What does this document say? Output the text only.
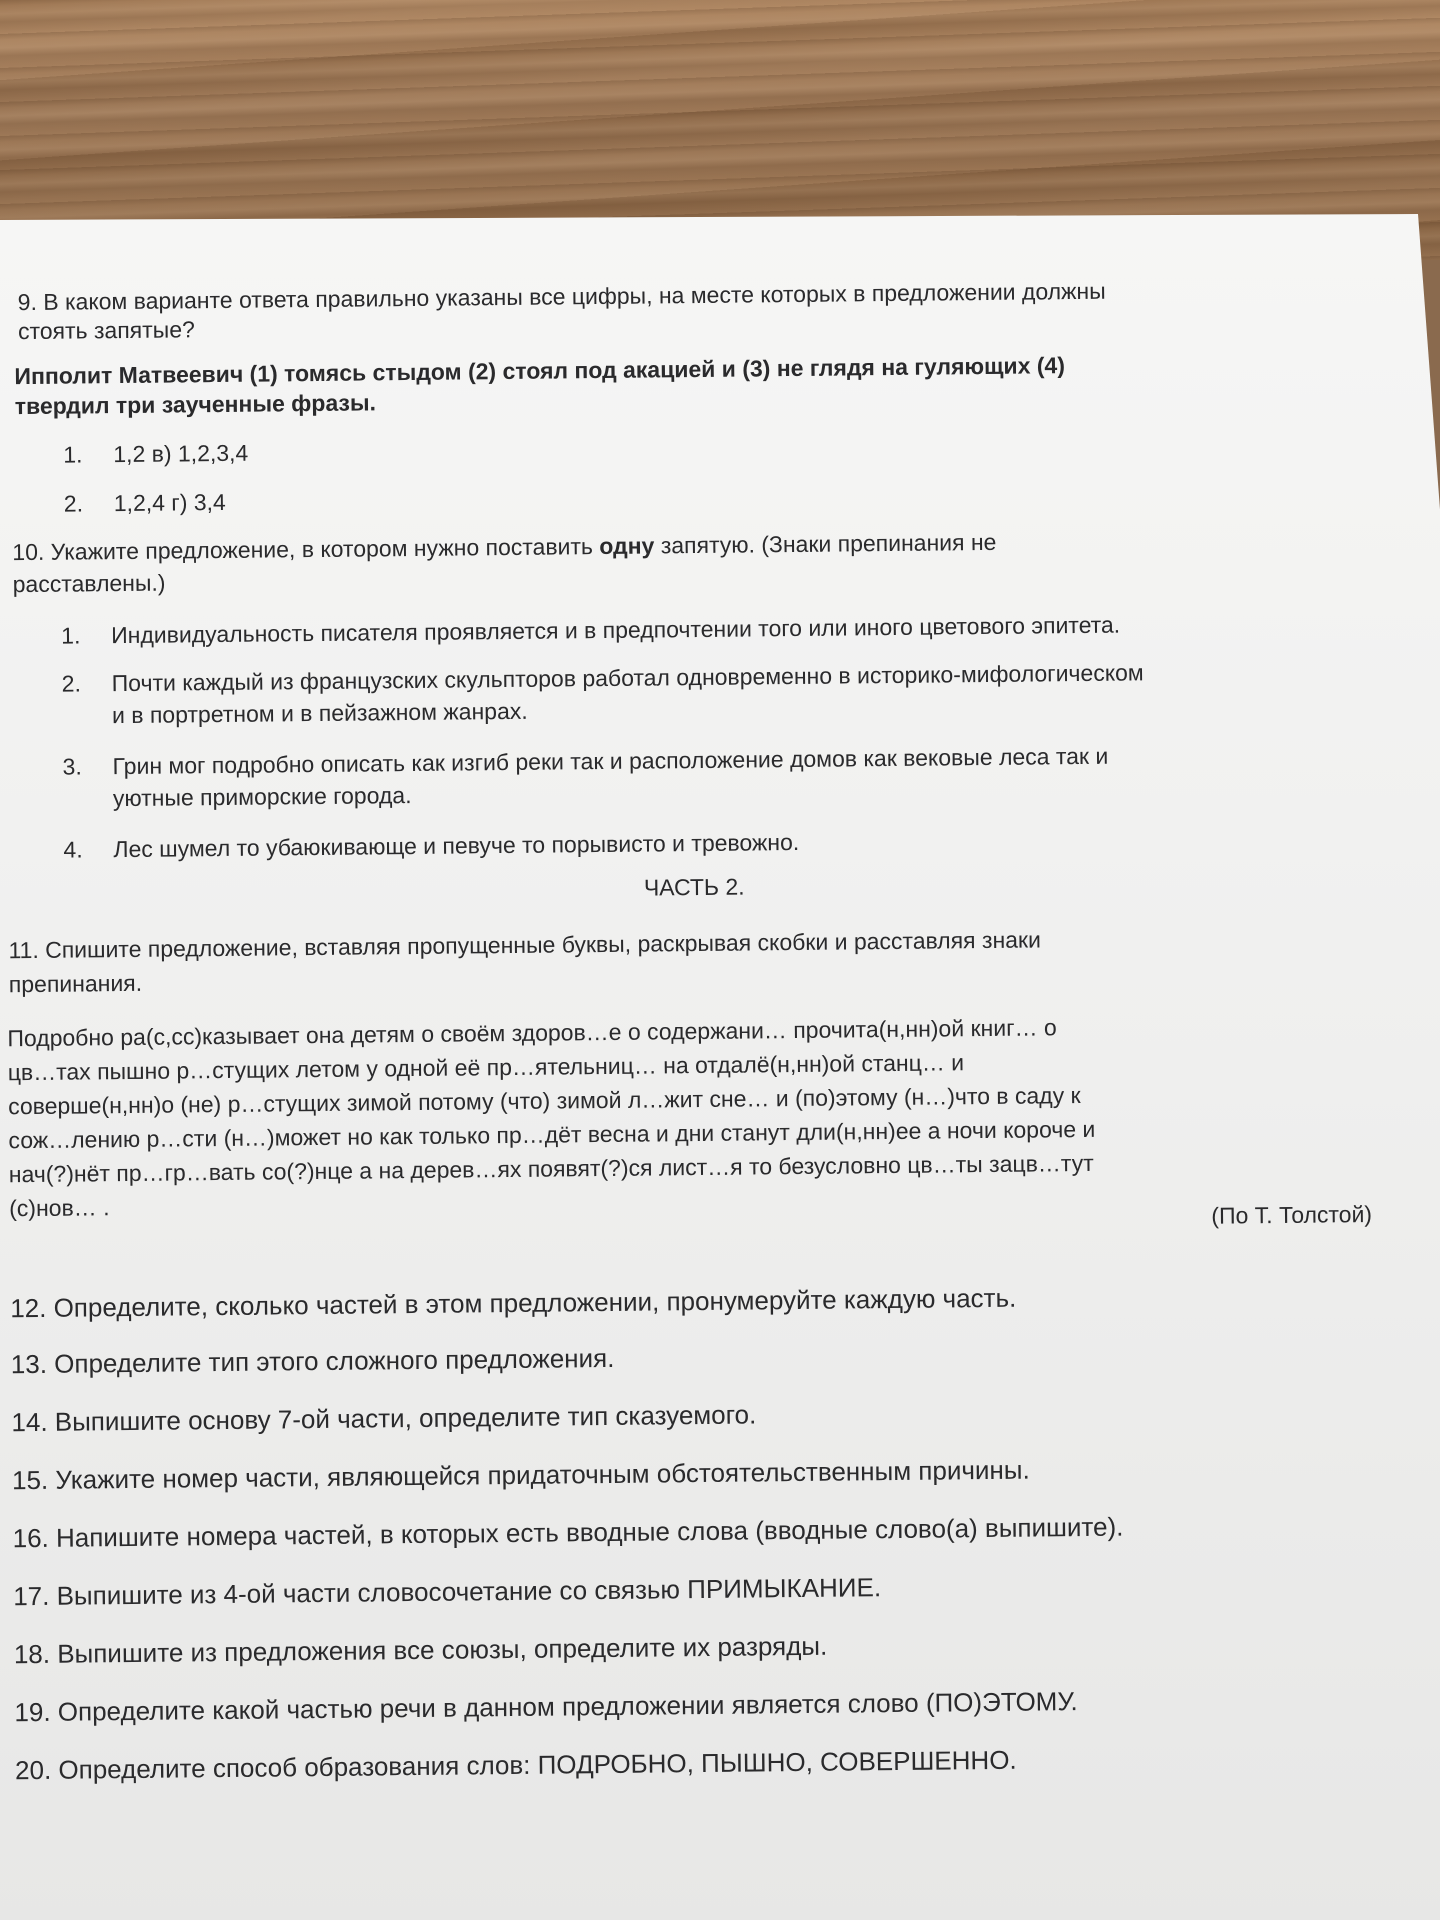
9. В каком варианте ответа правильно указаны все цифры, на месте которых в предложении должны
стоять запятые?
Ипполит Матвеевич (1) томясь стыдом (2) стоял под акацией и (3) не глядя на гуляющих (4)
твердил три заученные фразы.
1. 1,2 в) 1,2,3,4
2. 1,2,4 г) 3,4
10. Укажите предложение, в котором нужно поставить одну запятую. (Знаки препинания не
расставлены.)
1. Индивидуальность писателя проявляется и в предпочтении того или иного цветового эпитета.
2. Почти каждый из французских скульпторов работал одновременно в историко-мифологическом
и в портретном и в пейзажном жанрах.
3. Грин мог подробно описать как изгиб реки так и расположение домов как вековые леса так и
уютные приморские города.
4. Лес шумел то убаюкивающе и певуче то порывисто и тревожно.
ЧАСТЬ 2.
11. Спишите предложение, вставляя пропущенные буквы, раскрывая скобки и расставляя знаки
препинания.
Подробно ра(с,сс)казывает она детям о своём здоров…е о содержани… прочита(н,нн)ой книг… о
цв…тах пышно р…стущих летом у одной её пр…ятельниц… на отдалё(н,нн)ой станц… и
соверше(н,нн)о (не) р…стущих зимой потому (что) зимой л…жит сне… и (по)этому (н…)что в саду к
сож…лению р…сти (н…)может но как только пр…дёт весна и дни станут дли(н,нн)ее а ночи короче и
нач(?)нёт пр…гр…вать со(?)нце а на дерев…ях появят(?)ся лист…я то безусловно цв…ты зацв…тут
(с)нов… .	(По Т. Толстой)
12. Определите, сколько частей в этом предложении, пронумеруйте каждую часть.
13. Определите тип этого сложного предложения.
14. Выпишите основу 7-ой части, определите тип сказуемого.
15. Укажите номер части, являющейся придаточным обстоятельственным причины.
16. Напишите номера частей, в которых есть вводные слова (вводные слово(а) выпишите).
17. Выпишите из 4-ой части словосочетание со связью ПРИМЫКАНИЕ.
18. Выпишите из предложения все союзы, определите их разряды.
19. Определите какой частью речи в данном предложении является слово (ПО)ЭТОМУ.
20. Определите способ образования слов: ПОДРОБНО, ПЫШНО, СОВЕРШЕННО.
